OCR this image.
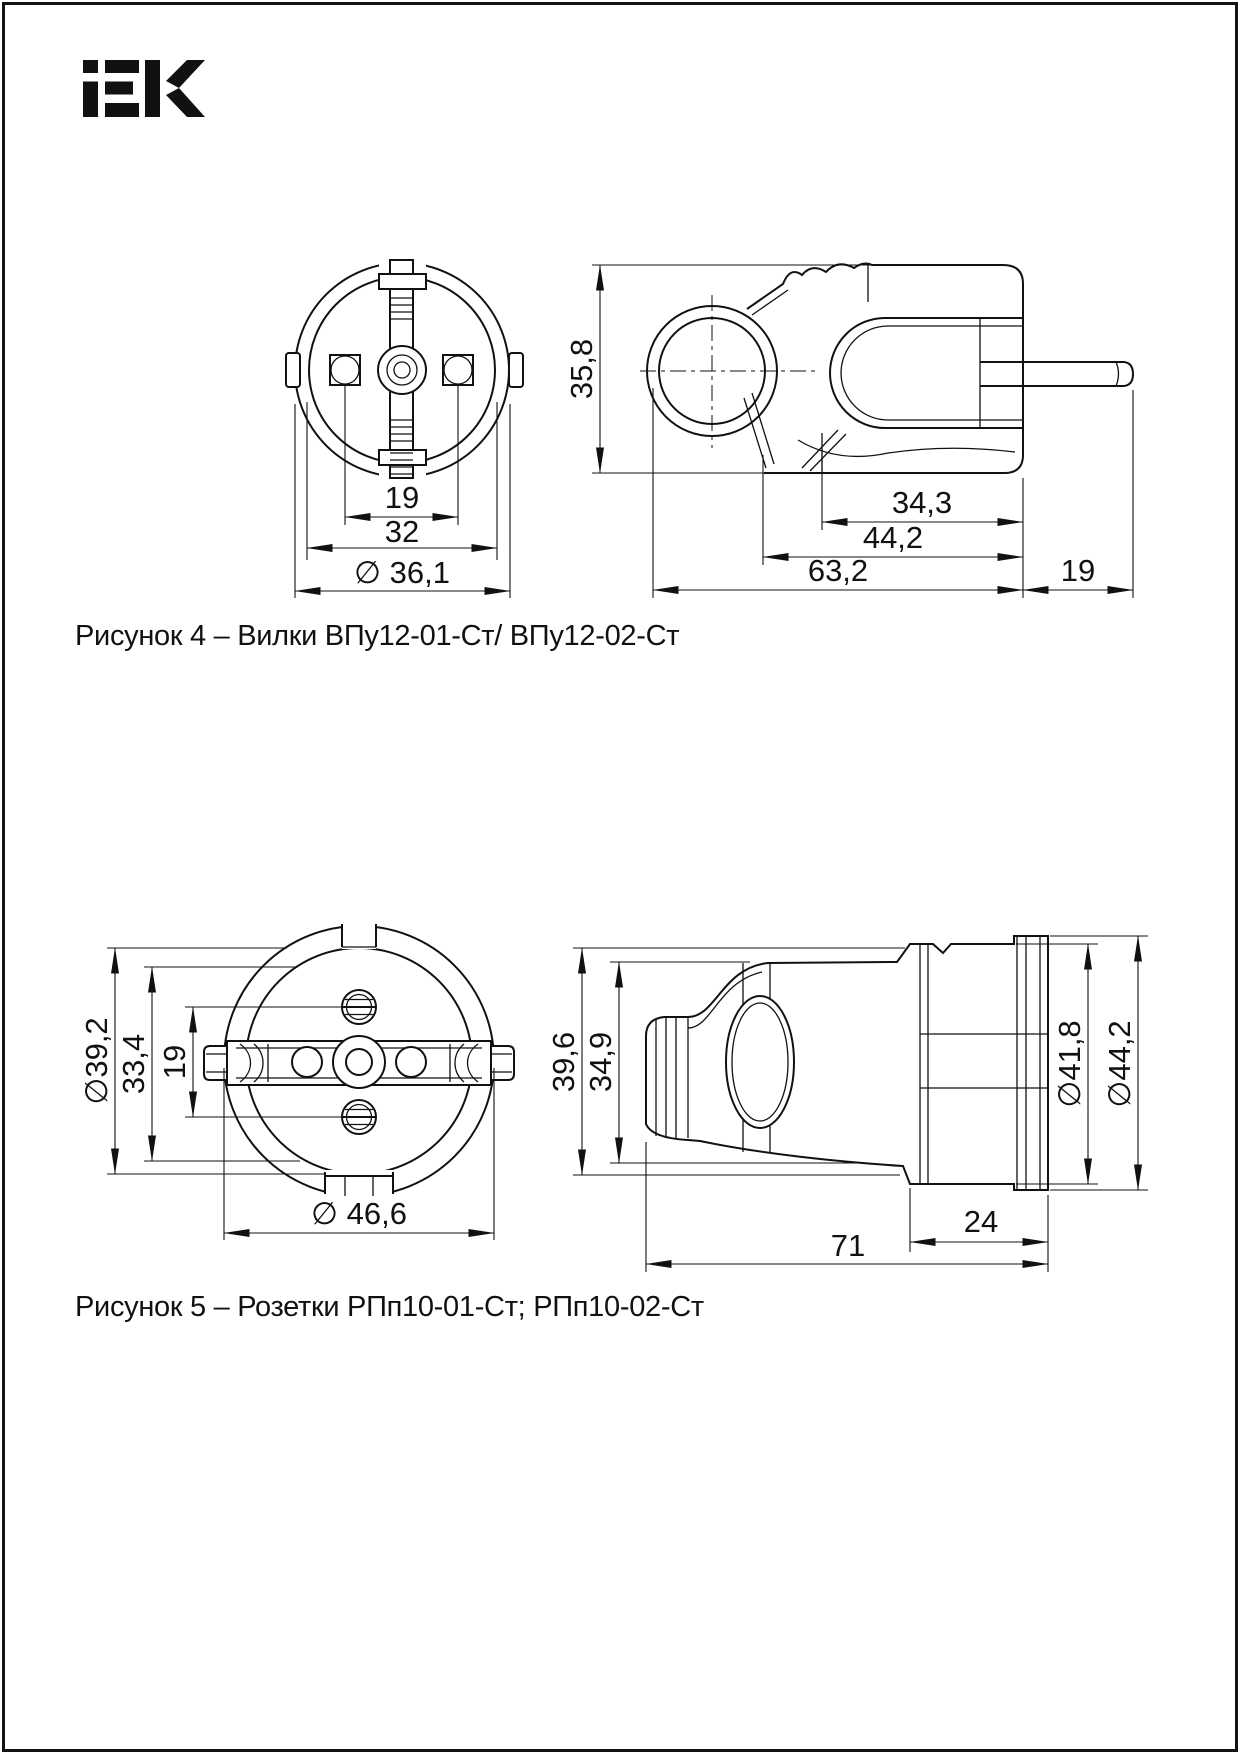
19
32
∅ 36,1
35,8
34,3
44,2
63,2	19
∅39,2 33,4 19
∅ 46,6
39,6 34,9	∅41,8 ∅44,2
24
71
Рисунок 4 – Вилки ВПу12-01-Ст/ ВПу12-02-Ст
Рисунок 5 – Розетки РПп10-01-Ст; РПп10-02-Ст
